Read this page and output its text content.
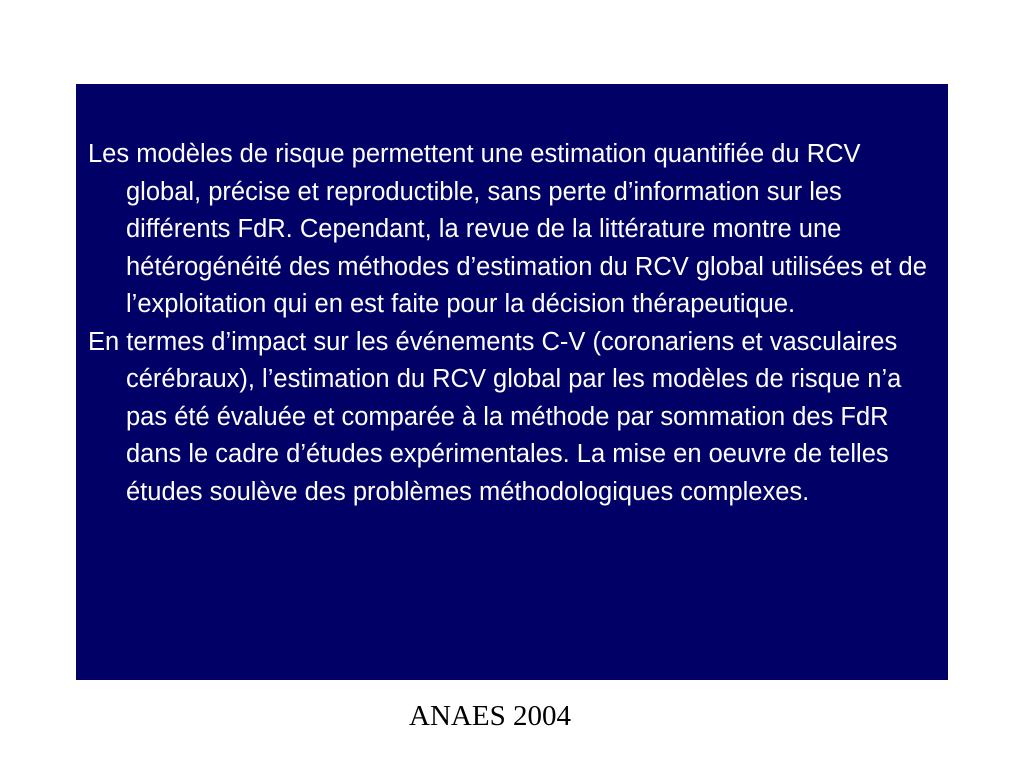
Les modèles de risque permettent une estimation quantifiée du RCV global, précise et reproductible, sans perte d’information sur les différents FdR. Cependant, la revue de la littérature montre une hétérogénéité des méthodes d’estimation du RCV global utilisées et de l’exploitation qui en est faite pour la décision thérapeutique.

En termes d’impact sur les événements C-V (coronariens et vasculaires cérébraux), l’estimation du RCV global par les modèles de risque n’a pas été évaluée et comparée à la méthode par sommation des FdR dans le cadre d’études expérimentales. La mise en oeuvre de telles études soulève des problèmes méthodologiques complexes.

ANAES 2004
